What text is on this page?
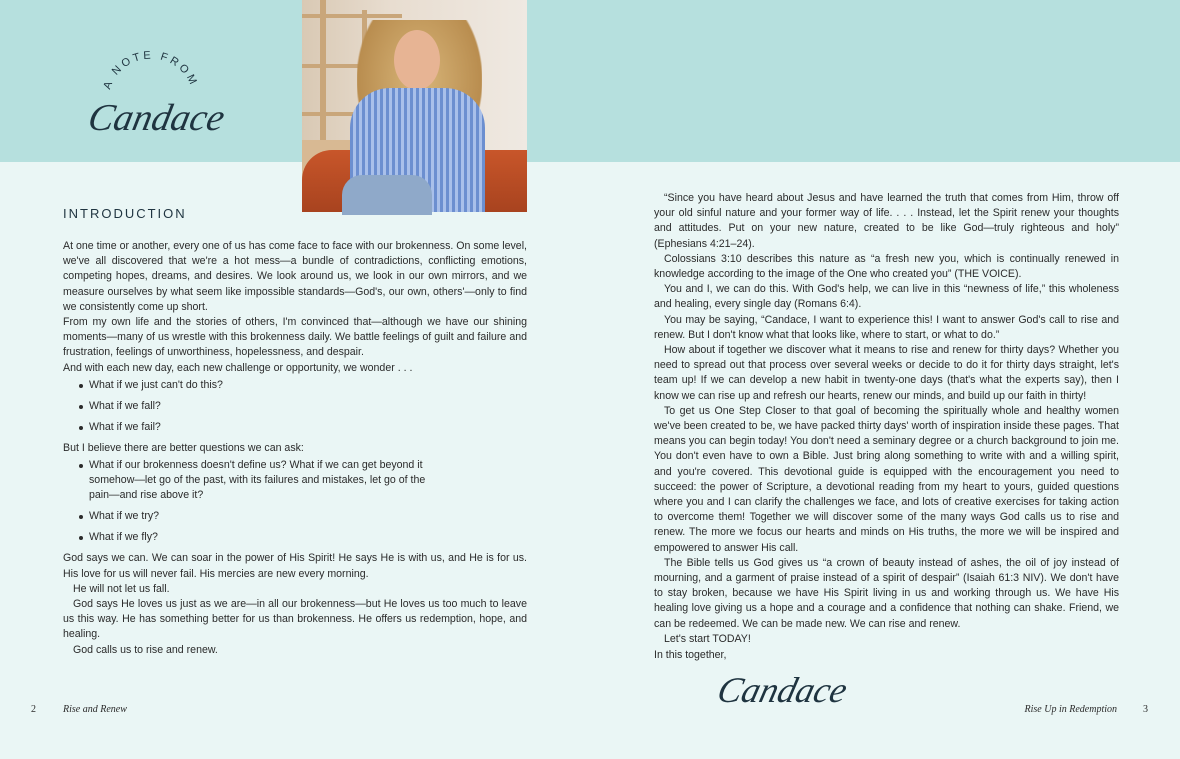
A NOTE FROM
Candace
INTRODUCTION

At one time or another, every one of us has come face to face with our brokenness. On some level, we've all discovered that we're a hot mess—a bundle of contradictions, conflicting emotions, competing hopes, dreams, and desires. We look around us, we look in our own mirrors, and we measure ourselves by what seem like impossible standards—God's, our own, others'—only to find we consistently come up short.

From my own life and the stories of others, I'm convinced that—although we have our shining moments—many of us wrestle with this brokenness daily. We battle feelings of guilt and failure and frustration, feelings of unworthiness, hopelessness, and despair.

And with each new day, each new challenge or opportunity, we wonder . . .

What if we just can't do this?
What if we fall?
What if we fail?

But I believe there are better questions we can ask:

What if our brokenness doesn't define us? What if we can get beyond it somehow—let go of the past, with its failures and mistakes, let go of the pain—and rise above it?
What if we try?
What if we fly?

God says we can. We can soar in the power of His Spirit! He says He is with us, and He is for us. His love for us will never fail. His mercies are new every morning.

He will not let us fall.

God says He loves us just as we are—in all our brokenness—but He loves us too much to leave us this way. He has something better for us than brokenness. He offers us redemption, hope, and healing.

God calls us to rise and renew.

“Since you have heard about Jesus and have learned the truth that comes from Him, throw off your old sinful nature and your former way of life. . . . Instead, let the Spirit renew your thoughts and attitudes. Put on your new nature, created to be like God—truly righteous and holy” (Ephesians 4:21–24).

Colossians 3:10 describes this nature as “a fresh new you, which is continually renewed in knowledge according to the image of the One who created you” (THE VOICE).

You and I, we can do this. With God's help, we can live in this “newness of life,” this wholeness and healing, every single day (Romans 6:4).

You may be saying, “Candace, I want to experience this! I want to answer God's call to rise and renew. But I don't know what that looks like, where to start, or what to do.”

How about if together we discover what it means to rise and renew for thirty days? Whether you need to spread out that process over several weeks or decide to do it for thirty days straight, let's team up! If we can develop a new habit in twenty-one days (that's what the experts say), then I know we can rise up and refresh our hearts, renew our minds, and build up our faith in thirty!

To get us One Step Closer to that goal of becoming the spiritually whole and healthy women we've been created to be, we have packed thirty days' worth of inspiration inside these pages. That means you can begin today! You don't need a seminary degree or a church background to join me. You don't even have to own a Bible. Just bring along something to write with and a willing spirit, and you're covered. This devotional guide is equipped with the encouragement you need to succeed: the power of Scripture, a devotional reading from my heart to yours, guided questions where you and I can clarify the challenges we face, and lots of creative exercises for taking action to overcome them! Together we will discover some of the many ways God calls us to rise and renew. The more we focus our hearts and minds on His truths, the more we will be inspired and empowered to answer His call.

The Bible tells us God gives us “a crown of beauty instead of ashes, the oil of joy instead of mourning, and a garment of praise instead of a spirit of despair” (Isaiah 61:3 NIV). We don't have to stay broken, because we have His Spirit living in us and working through us. We have His healing love giving us a hope and a courage and a confidence that nothing can shake. Friend, we can be redeemed. We can be made new. We can rise and renew.

Let's start TODAY!

In this together,
Candace
2	Rise and Renew	Rise Up in Redemption	3
